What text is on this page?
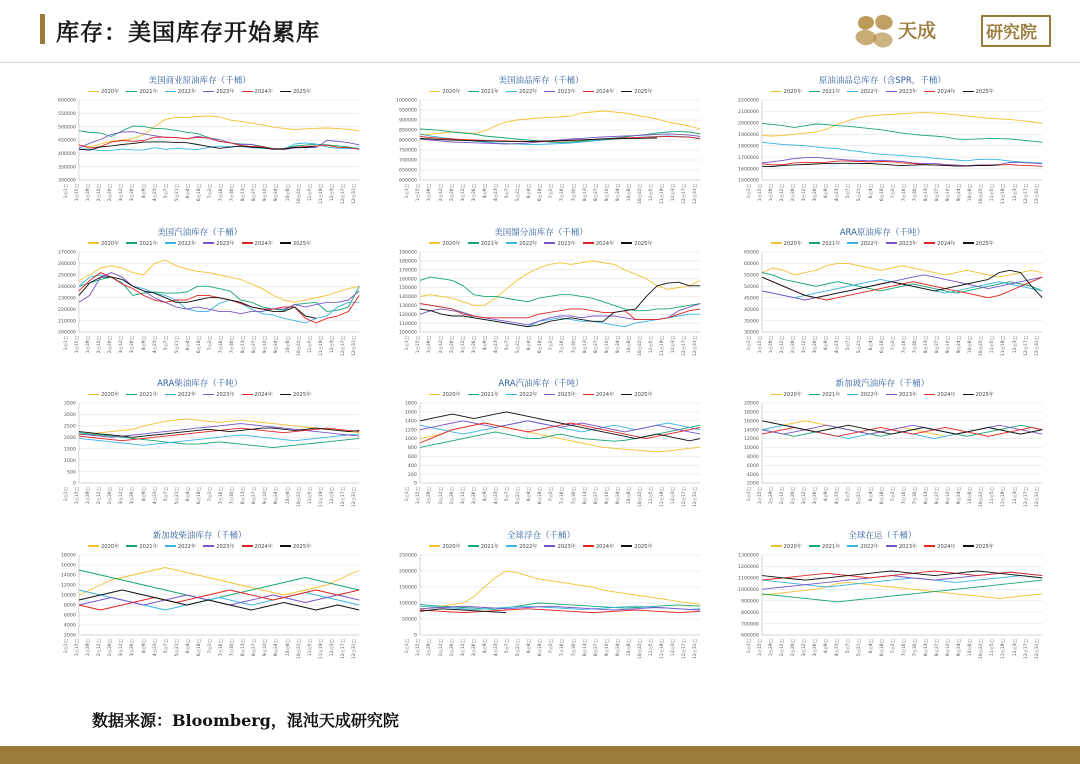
库存：美国库存开始累库	天成	研究院
美国商业原油库存（千桶）
2020年	2021年	2022年	2023年	2024年	2025年
300000
350000
400000
450000
500000
550000
600000
1月1日 1月15日 1月29日 2月12日 2月26日 3月12日 3月26日 4月9日 4月23日 5月7日 5月21日 6月4日 6月18日 7月2日 7月16日 7月30日 8月13日 8月27日 9月10日 9月24日 10月8日 10月22日 11月5日 11月19日 12月3日 12月17日 12月31日
美国油品库存（千桶）
2020年	2021年	2022年	2023年	2024年	2025年
600000
650000
700000
750000
800000
850000
900000
950000
1000000
1月1日 1月15日 1月29日 2月12日 2月26日 3月12日 3月26日 4月9日 4月23日 5月7日 5月21日 6月4日 6月18日 7月2日 7月16日 7月30日 8月13日 8月27日 9月10日 9月24日 10月8日 10月22日 11月5日 11月19日 12月3日 12月17日 12月31日
原油油品总库存（含SPR，千桶）
2020年	2021年	2022年	2023年	2024年	2025年
1500000
1600000
1700000
1800000
1900000
2000000
2100000
2200000
1月1日 1月15日 1月29日 2月12日 2月26日 3月12日 3月26日 4月9日 4月23日 5月7日 5月21日 6月4日 6月18日 7月2日 7月16日 7月30日 8月13日 8月27日 9月10日 9月24日 10月8日 10月22日 11月5日 11月19日 12月3日 12月17日 12月31日
美国汽油库存（千桶）
2020年	2021年	2022年	2023年	2024年	2025年
200000
210000
220000
230000
240000
250000
260000
270000
1月1日 1月15日 1月29日 2月12日 2月26日 3月12日 3月26日 4月9日 4月23日 5月7日 5月21日 6月4日 6月18日 7月2日 7月16日 7月30日 8月13日 8月27日 9月10日 9月24日 10月8日 10月22日 11月5日 11月19日 12月3日 12月17日 12月31日
美国馏分油库存（千桶）
2020年	2021年	2022年	2023年	2024年	2025年
100000
110000
120000
130000
140000
150000
160000
170000
180000
190000
1月1日 1月15日 1月29日 2月12日 2月26日 3月12日 3月26日 4月9日 4月23日 5月7日 5月21日 6月4日 6月18日 7月2日 7月16日 7月30日 8月13日 8月27日 9月10日 9月24日 10月8日 10月22日 11月5日 11月19日 12月3日 12月17日 12月31日
ARA原油库存（千吨）
2020年	2021年	2022年	2023年	2024年	2025年
30000
35000
40000
45000
50000
55000
60000
65000
1月1日 1月15日 1月29日 2月12日 2月26日 3月12日 3月26日 4月9日 4月23日 5月7日 5月21日 6月4日 6月18日 7月2日 7月16日 7月30日 8月13日 8月27日 9月10日 9月24日 10月8日 10月22日 11月5日 11月19日 12月3日 12月17日 12月31日
ARA柴油库存（千吨）
2020年	2021年	2022年	2023年	2024年	2025年
0
500
1000
1500
2000
2500
3000
3500
1月1日 1月15日 1月29日 2月12日 2月26日 3月12日 3月26日 4月9日 4月23日 5月7日 5月21日 6月4日 6月18日 7月2日 7月16日 7月30日 8月13日 8月27日 9月10日 9月24日 10月8日 10月22日 11月5日 11月19日 12月3日 12月17日 12月31日
ARA汽油库存（千吨）
2020年	2021年	2022年	2023年	2024年	2025年
0
200
400
600
800
1000
1200
1400
1600
1800
1月1日 1月15日 1月29日 2月12日 2月26日 3月12日 3月26日 4月9日 4月23日 5月7日 5月21日 6月4日 6月18日 7月2日 7月16日 7月30日 8月13日 8月27日 9月10日 9月24日 10月8日 10月22日 11月5日 11月19日 12月3日 12月17日 12月31日
新加坡汽油库存（千桶）
2020年	2021年	2022年	2023年	2024年	2025年
2000
4000
6000
8000
10000
12000
14000
16000
18000
20000
1月1日 1月15日 1月29日 2月12日 2月26日 3月12日 3月26日 4月9日 4月23日 5月7日 5月21日 6月4日 6月18日 7月2日 7月16日 7月30日 8月13日 8月27日 9月10日 9月24日 10月8日 10月22日 11月5日 11月19日 12月3日 12月17日 12月31日
新加坡柴油库存（千桶）
2020年	2021年	2022年	2023年	2024年	2025年
2000
4000
6000
8000
10000
12000
14000
16000
18000
1月1日 1月15日 1月29日 2月12日 2月26日 3月12日 3月26日 4月9日 4月23日 5月7日 5月21日 6月4日 6月18日 7月2日 7月16日 7月30日 8月13日 8月27日 9月10日 9月24日 10月8日 10月22日 11月5日 11月19日 12月3日 12月17日 12月31日
全球浮仓（千桶）
2020年	2021年	2022年	2023年	2024年	2025年
0
50000
100000
150000
200000
250000
1月1日 1月15日 1月29日 2月12日 2月26日 3月12日 3月26日 4月9日 4月23日 5月7日 5月21日 6月4日 6月18日 7月2日 7月16日 7月30日 8月13日 8月27日 9月10日 9月24日 10月8日 10月22日 11月5日 11月19日 12月3日 12月17日 12月31日
全球在运（千桶）
2020年	2021年	2022年	2023年	2024年	2025年
600000
700000
800000
900000
1000000
1100000
1200000
1300000
1月1日 1月15日 1月29日 2月12日 2月26日 3月12日 3月26日 4月9日 4月23日 5月7日 5月21日 6月4日 6月18日 7月2日 7月16日 7月30日 8月13日 8月27日 9月10日 9月24日 10月8日 10月22日 11月5日 11月19日 12月3日 12月17日 12月31日
数据来源：Bloomberg，混沌天成研究院
